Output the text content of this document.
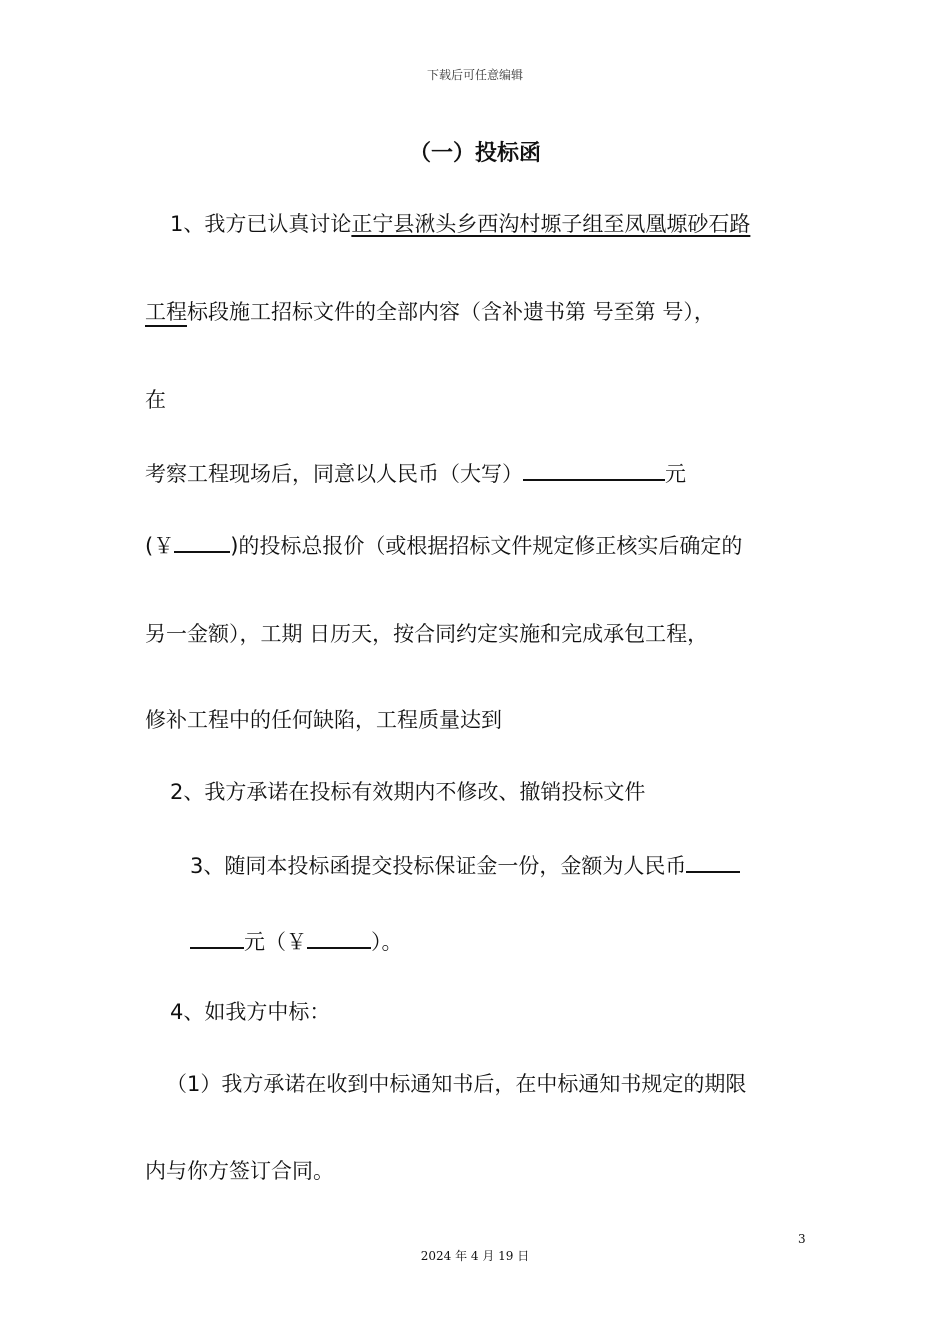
下载后可任意编辑
（一）投标函
1、我方已认真讨论正宁县湫头乡西沟村塬子组至凤凰塬砂石路
工程标段施工招标文件的全部内容（含补遗书第 号至第 号），
在
考察工程现场后，同意以人民币（大写）	元
(￥	)的投标总报价（或根据招标文件规定修正核实后确定的
另一金额），工期 日历天，按合同约定实施和完成承包工程，
修补工程中的任何缺陷，工程质量达到
2、我方承诺在投标有效期内不修改、撤销投标文件
3、随同本投标函提交投标保证金一份，金额为人民币
元（￥	）。
4、如我方中标：
（1）我方承诺在收到中标通知书后，在中标通知书规定的期限
内与你方签订合同。
3
2024 年 4 月 19 日
